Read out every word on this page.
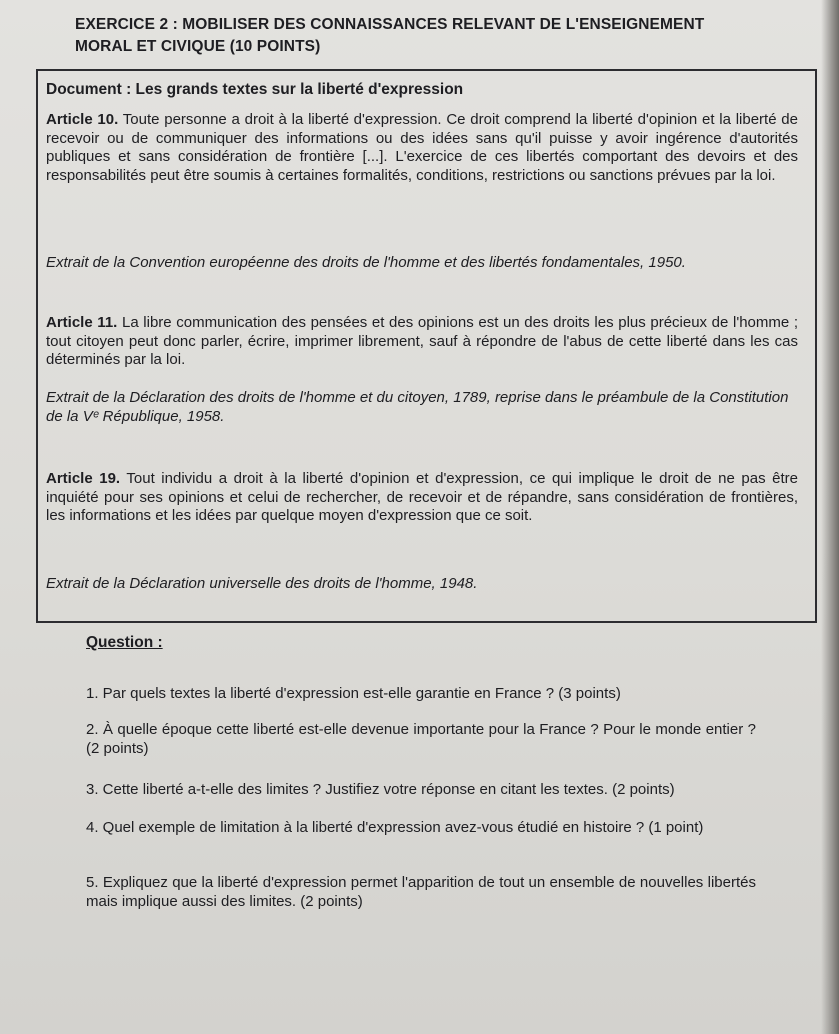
EXERCICE 2 : MOBILISER DES CONNAISSANCES RELEVANT DE L'ENSEIGNEMENT
MORAL ET CIVIQUE (10 POINTS)
Document : Les grands textes sur la liberté d'expression
Article 10. Toute personne a droit à la liberté d'expression. Ce droit comprend la liberté d'opinion et la liberté de recevoir ou de communiquer des informations ou des idées sans qu'il puisse y avoir ingérence d'autorités publiques et sans considération de frontière [...]. L'exercice de ces libertés comportant des devoirs et des responsabilités peut être soumis à certaines formalités, conditions, restrictions ou sanctions prévues par la loi.
Extrait de la Convention européenne des droits de l'homme et des libertés fondamentales, 1950.
Article 11. La libre communication des pensées et des opinions est un des droits les plus précieux de l'homme ; tout citoyen peut donc parler, écrire, imprimer librement, sauf à répondre de l'abus de cette liberté dans les cas déterminés par la loi.
Extrait de la Déclaration des droits de l'homme et du citoyen, 1789, reprise dans le préambule de la Constitution de la Vᵉ République, 1958.
Article 19. Tout individu a droit à la liberté d'opinion et d'expression, ce qui implique le droit de ne pas être inquiété pour ses opinions et celui de rechercher, de recevoir et de répandre, sans considération de frontières, les informations et les idées par quelque moyen d'expression que ce soit.
Extrait de la Déclaration universelle des droits de l'homme, 1948.
Question :
1. Par quels textes la liberté d'expression est-elle garantie en France ? (3 points)
2. À quelle époque cette liberté est-elle devenue importante pour la France ? Pour le monde entier ? (2 points)
3. Cette liberté a-t-elle des limites ? Justifiez votre réponse en citant les textes. (2 points)
4. Quel exemple de limitation à la liberté d'expression avez-vous étudié en histoire ? (1 point)
5. Expliquez que la liberté d'expression permet l'apparition de tout un ensemble de nouvelles libertés mais implique aussi des limites. (2 points)
